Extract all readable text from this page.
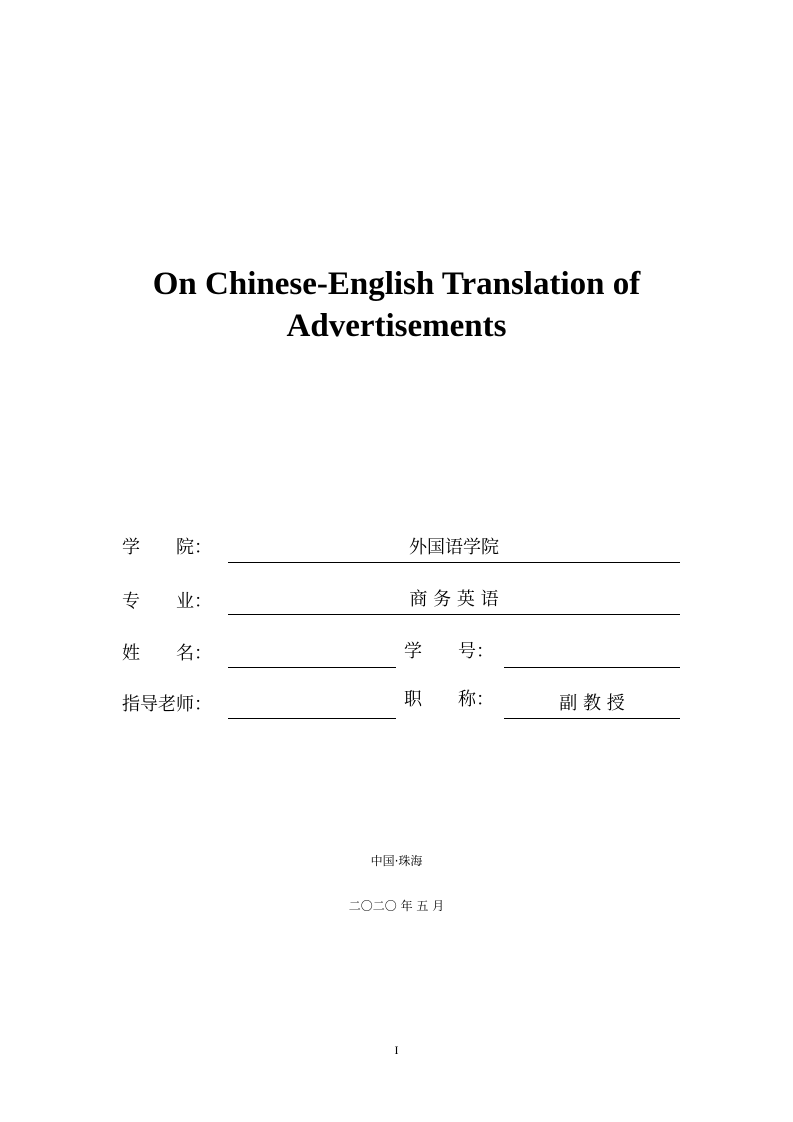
On Chinese-English Translation of
Advertisements
学　　院：	外国语学院
专　　业：	商 务 英 语
姓　　名：	学　　号：
指导老师：	职　　称：	副 教 授
中国·珠海
二〇二〇 年 五 月
I
